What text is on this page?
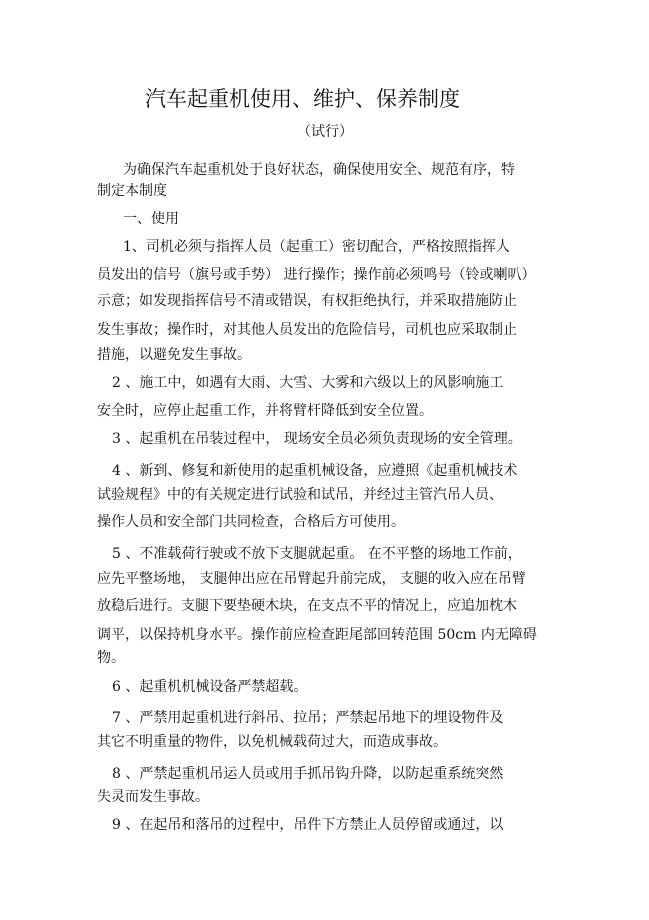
汽车起重机使用、维护、保养制度
（试行）

为确保汽车起重机处于良好状态，确保使用安全、规范有序，特

制定本制度

一、使用

1、司机必须与指挥人员（起重工）密切配合，严格按照指挥人

员发出的信号（旗号或手势） 进行操作；操作前必须鸣号（铃或喇叭）

示意；如发现指挥信号不清或错误，有权拒绝执行，并采取措施防止

发生事故；操作时，对其他人员发出的危险信号，司机也应采取制止

措施，以避免发生事故。

2 、施工中，如遇有大雨、大雪、大雾和六级以上的风影响施工

安全时，应停止起重工作，并将臂杆降低到安全位置。

3 、起重机在吊装过程中， 现场安全员必须负责现场的安全管理。

4 、新到、修复和新使用的起重机械设备，应遵照《起重机械技术

试验规程》中的有关规定进行试验和试吊，并经过主管汽吊人员、

操作人员和安全部门共同检查，合格后方可使用。

5 、不准载荷行驶或不放下支腿就起重。 在不平整的场地工作前，

应先平整场地， 支腿伸出应在吊臂起升前完成， 支腿的收入应在吊臂

放稳后进行。支腿下要垫硬木块，在支点不平的情况上，应追加枕木

调平，以保持机身水平。操作前应检查距尾部回转范围 50cm 内无障碍

物。

6 、起重机机械设备严禁超载。

7 、严禁用起重机进行斜吊、拉吊；严禁起吊地下的埋设物件及

其它不明重量的物件，以免机械载荷过大，而造成事故。

8 、严禁起重机吊运人员或用手抓吊钩升降，以防起重系统突然

失灵而发生事故。

9 、在起吊和落吊的过程中，吊件下方禁止人员停留或通过，以
